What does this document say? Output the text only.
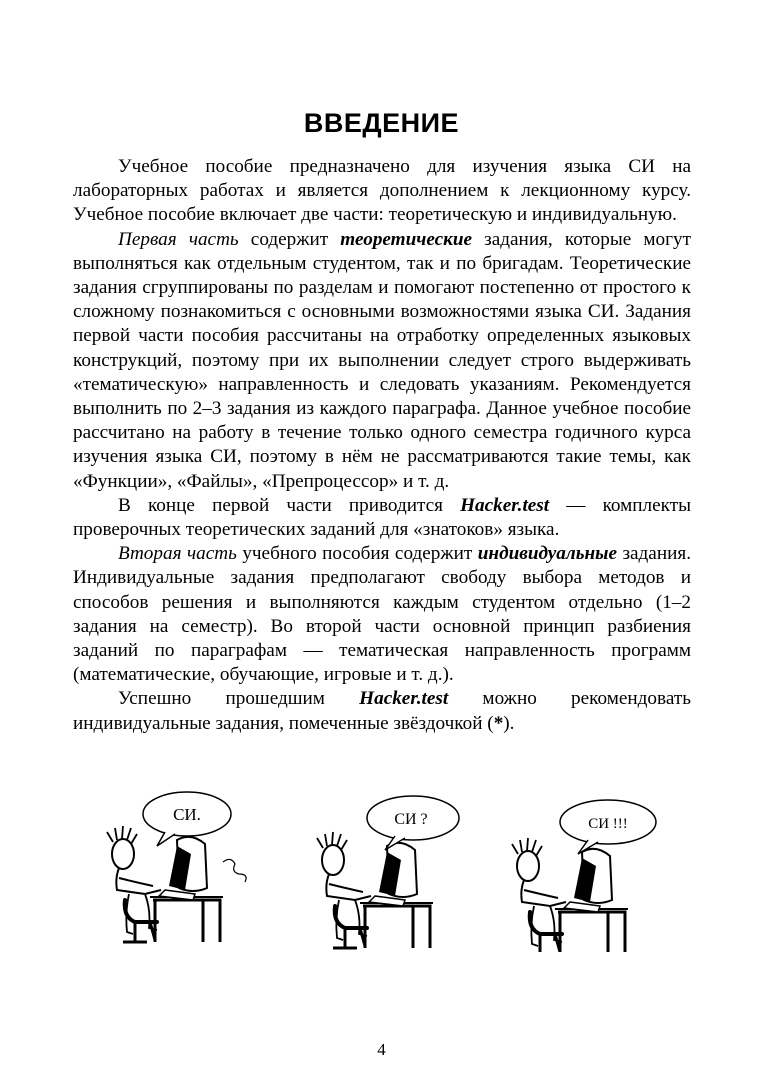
ВВЕДЕНИЕ

Учебное пособие предназначено для изучения языка СИ на лабораторных работах и является дополнением к лекционному курсу. Учебное пособие включает две части: теоретическую и индивидуальную.

Первая часть содержит теоретические задания, которые могут выполняться как отдельным студентом, так и по бригадам. Теоретические задания сгруппированы по разделам и помогают постепенно от простого к сложному познакомиться с основными возможностями языка СИ. Задания первой части пособия рассчитаны на отработку определенных языковых конструкций, поэтому при их выполнении следует строго выдерживать «тематическую» направленность и следовать указаниям. Рекомендуется выполнить по 2–3 задания из каждого параграфа. Данное учебное пособие рассчитано на работу в течение только одного семестра годичного курса изучения языка СИ, поэтому в нём не рассматриваются такие темы, как «Функции», «Файлы», «Препроцессор» и т. д.

В конце первой части приводится Hacker.test — комплекты проверочных теоретических заданий для «знатоков» языка.

Вторая часть учебного пособия содержит индивидуальные задания. Индивидуальные задания предполагают свободу выбора методов и способов решения и выполняются каждым студентом отдельно (1–2 задания на семестр). Во второй части основной принцип разбиения заданий по параграфам — тематическая направленность программ (математические, обучающие, игровые и т. д.).

Успешно прошедшим Hacker.test можно рекомендовать индивидуальные задания, помеченные звёздочкой (*).

СИ.	СИ ?	СИ !!!
4
